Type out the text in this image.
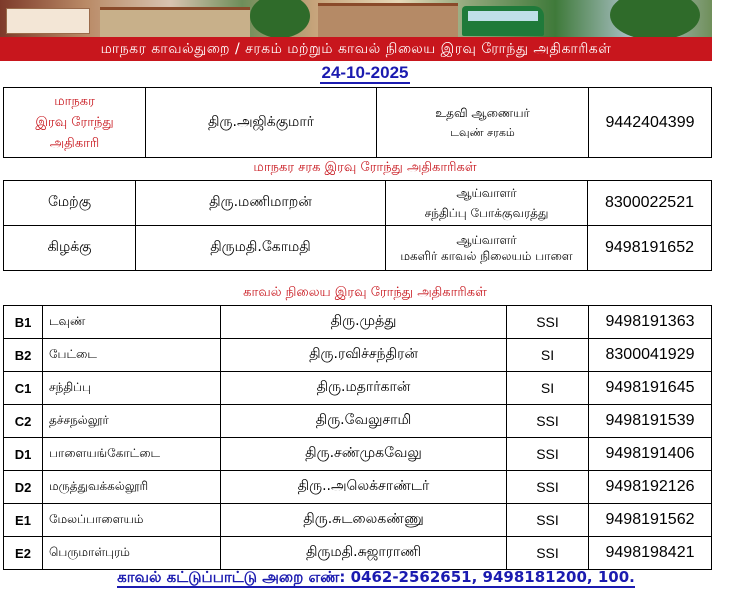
மாநகர காவல்துறை / சரகம் மற்றும் காவல் நிலைய இரவு ரோந்து அதிகாரிகள்
24-10-2025
மாநகர
இரவு ரோந்து
அதிகாரி
	திரு.அஜிக்குமார்	
உதவி ஆணையர்
டவுண் சரகம்
	9442404399
மாநகர சரக இரவு ரோந்து அதிகாரிகள்
மேற்கு	திரு.மணிமாறன்	ஆய்வாளர்
சந்திப்பு போக்குவரத்து	8300022521
கிழக்கு	திருமதி.கோமதி	ஆய்வாளர்
மகளிர் காவல் நிலையம் பாளை	9498191652
காவல் நிலைய இரவு ரோந்து அதிகாரிகள்
B1	டவுண்	திரு.முத்து	SSI	9498191363
B2	பேட்டை	திரு.ரவிச்சந்திரன்	SI	8300041929
C1	சந்திப்பு	திரு.மதார்கான்	SI	9498191645
C2	தச்சநல்லூர்	திரு.வேலுசாமி	SSI	9498191539
D1	பாளையங்கோட்டை	திரு.சண்முகவேலு	SSI	9498191406
D2	மருத்துவக்கல்லூரி	திரு..அலெக்சாண்டர்	SSI	9498192126
E1	மேலப்பாளையம்	திரு.சுடலைகண்ணு	SSI	9498191562
E2	பெருமாள்புரம்	திருமதி.சுஜாராணி	SSI	9498198421
காவல் கட்டுப்பாட்டு அறை எண்: 0462-2562651, 9498181200, 100.
